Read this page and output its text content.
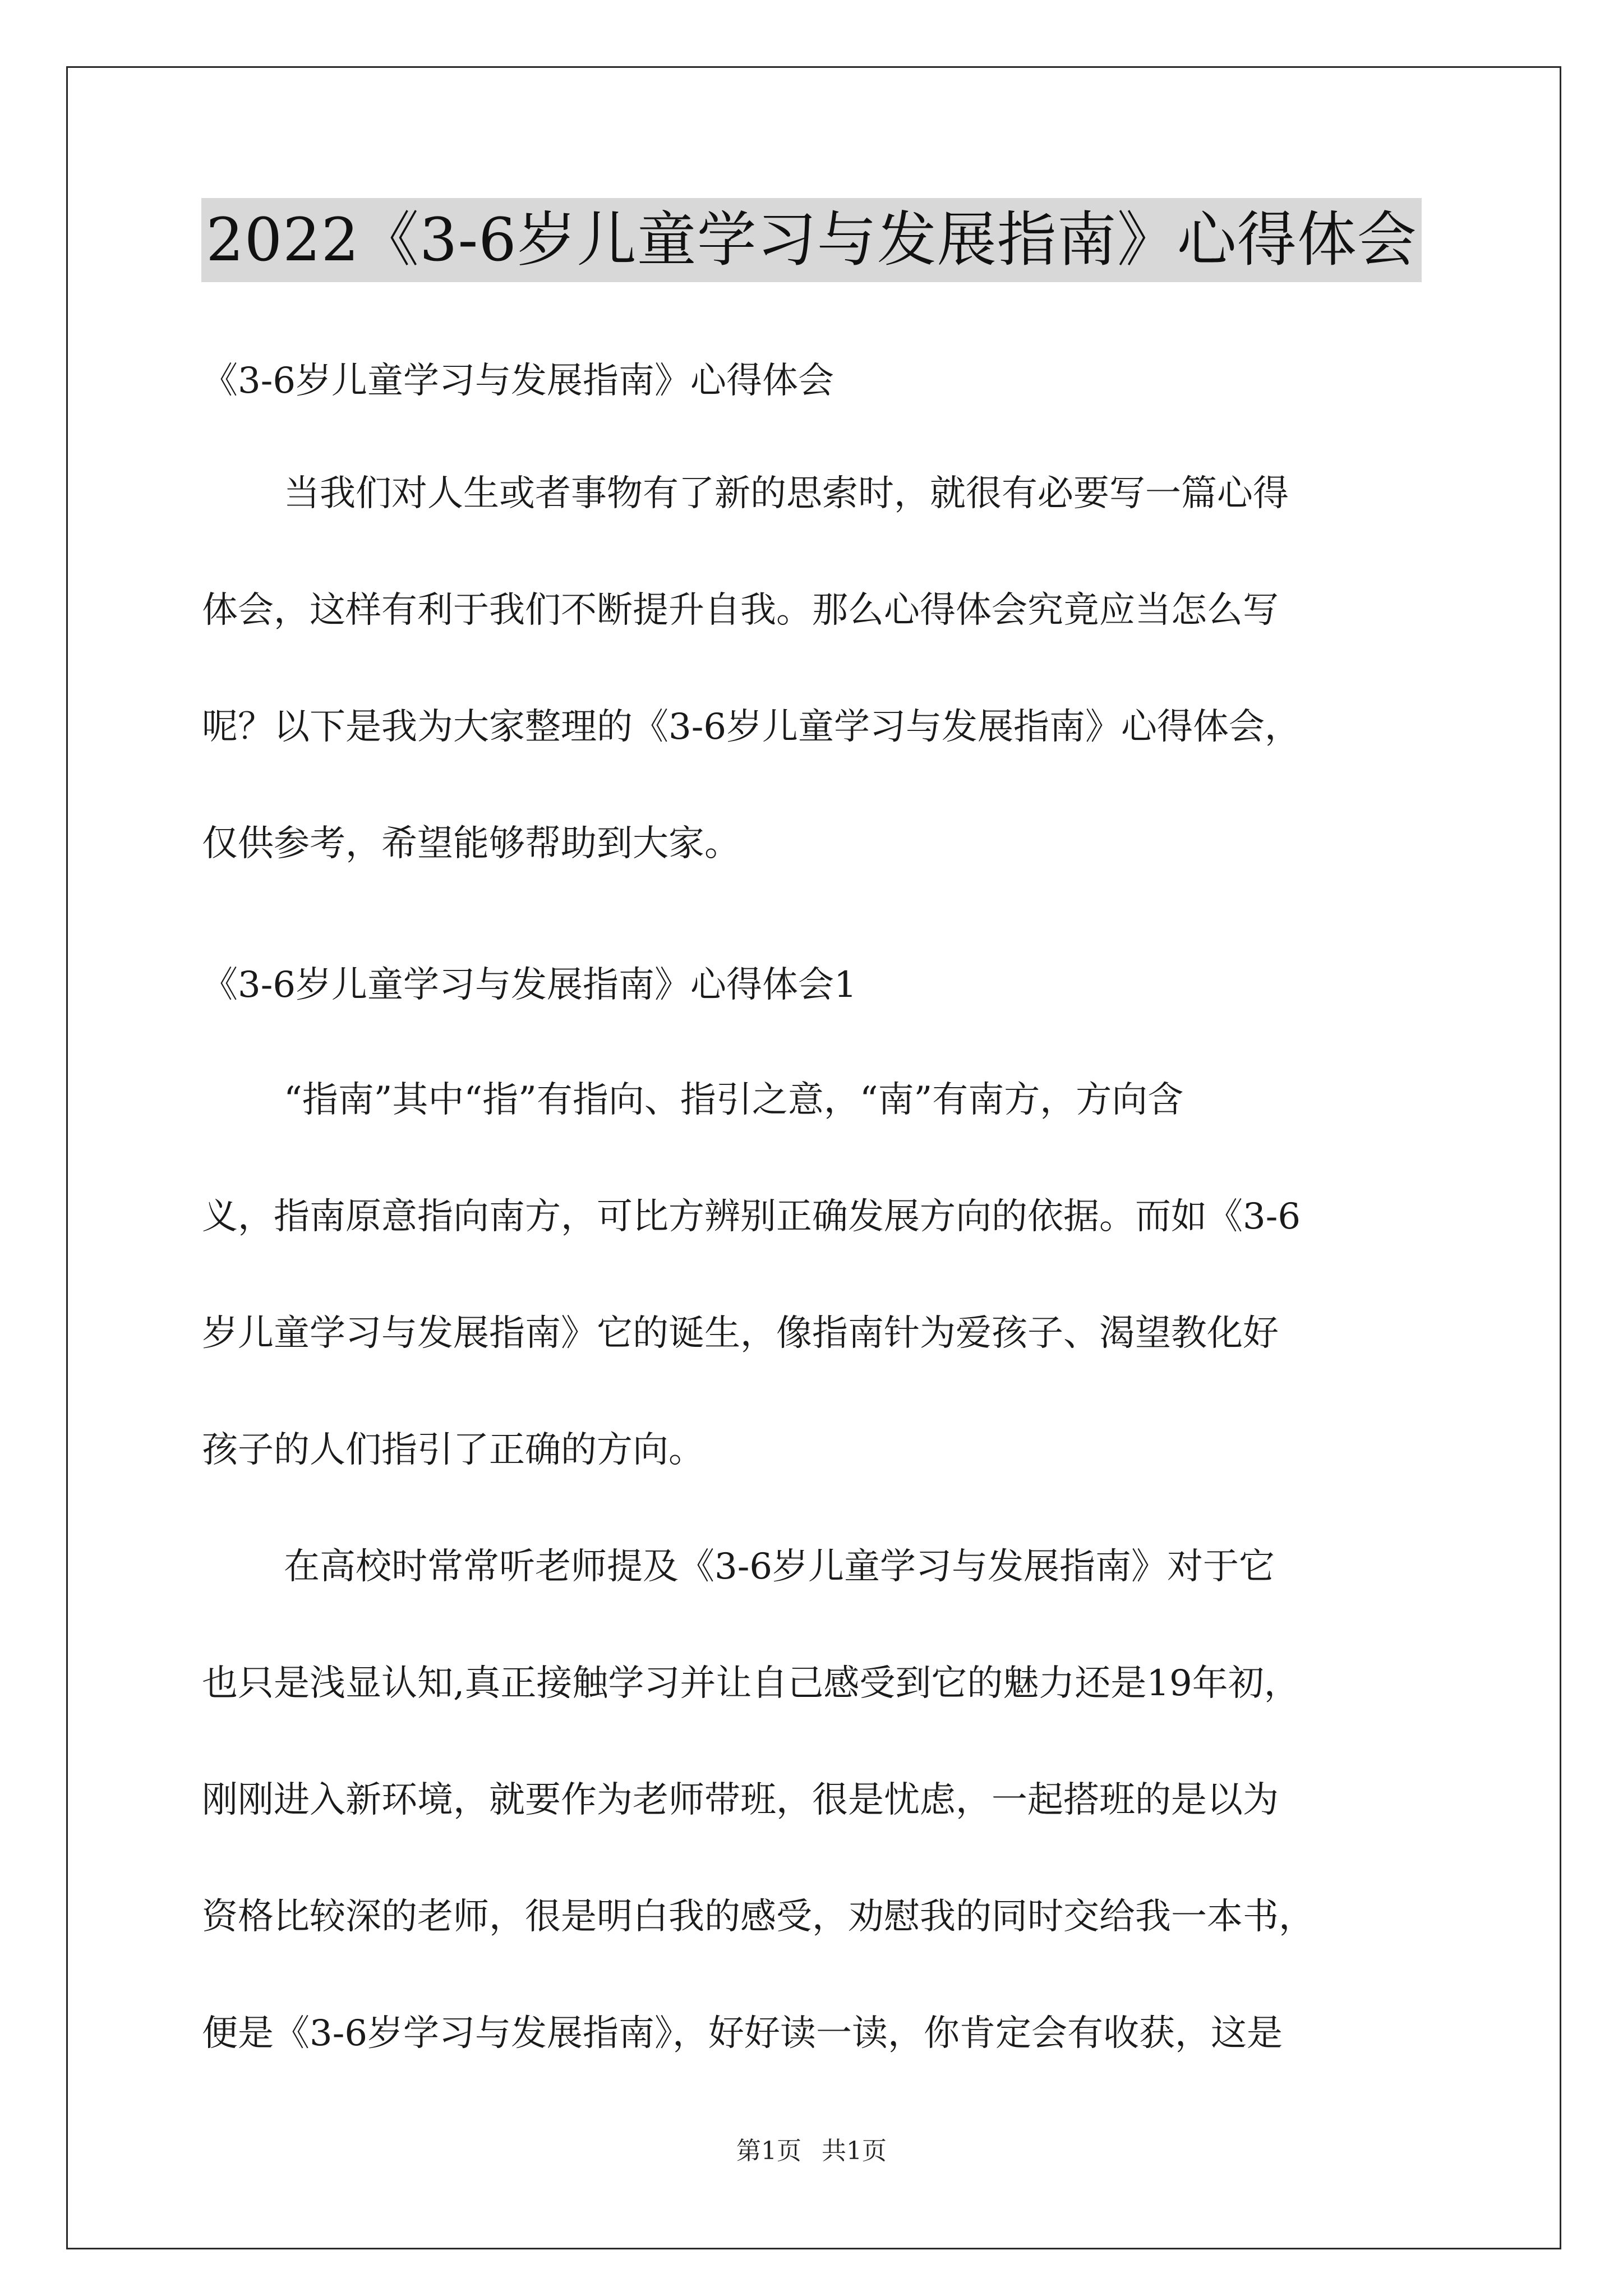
2022《3-6岁儿童学习与发展指南》心得体会

《3-6岁儿童学习与发展指南》心得体会

当我们对人生或者事物有了新的思索时，就很有必要写一篇心得
体会，这样有利于我们不断提升自我。那么心得体会究竟应当怎么写
呢？以下是我为大家整理的《3-6岁儿童学习与发展指南》心得体会，
仅供参考，希望能够帮助到大家。

《3-6岁儿童学习与发展指南》心得体会1

“指南”其中“指”有指向、指引之意，“南”有南方，方向含
义，指南原意指向南方，可比方辨别正确发展方向的依据。而如《3-6
岁儿童学习与发展指南》它的诞生，像指南针为爱孩子、渴望教化好
孩子的人们指引了正确的方向。

在高校时常常听老师提及《3-6岁儿童学习与发展指南》对于它
也只是浅显认知,真正接触学习并让自己感受到它的魅力还是19年初，
刚刚进入新环境，就要作为老师带班，很是忧虑，一起搭班的是以为
资格比较深的老师，很是明白我的感受，劝慰我的同时交给我一本书，
便是《3-6岁学习与发展指南》，好好读一读，你肯定会有收获，这是

第1页 共1页
